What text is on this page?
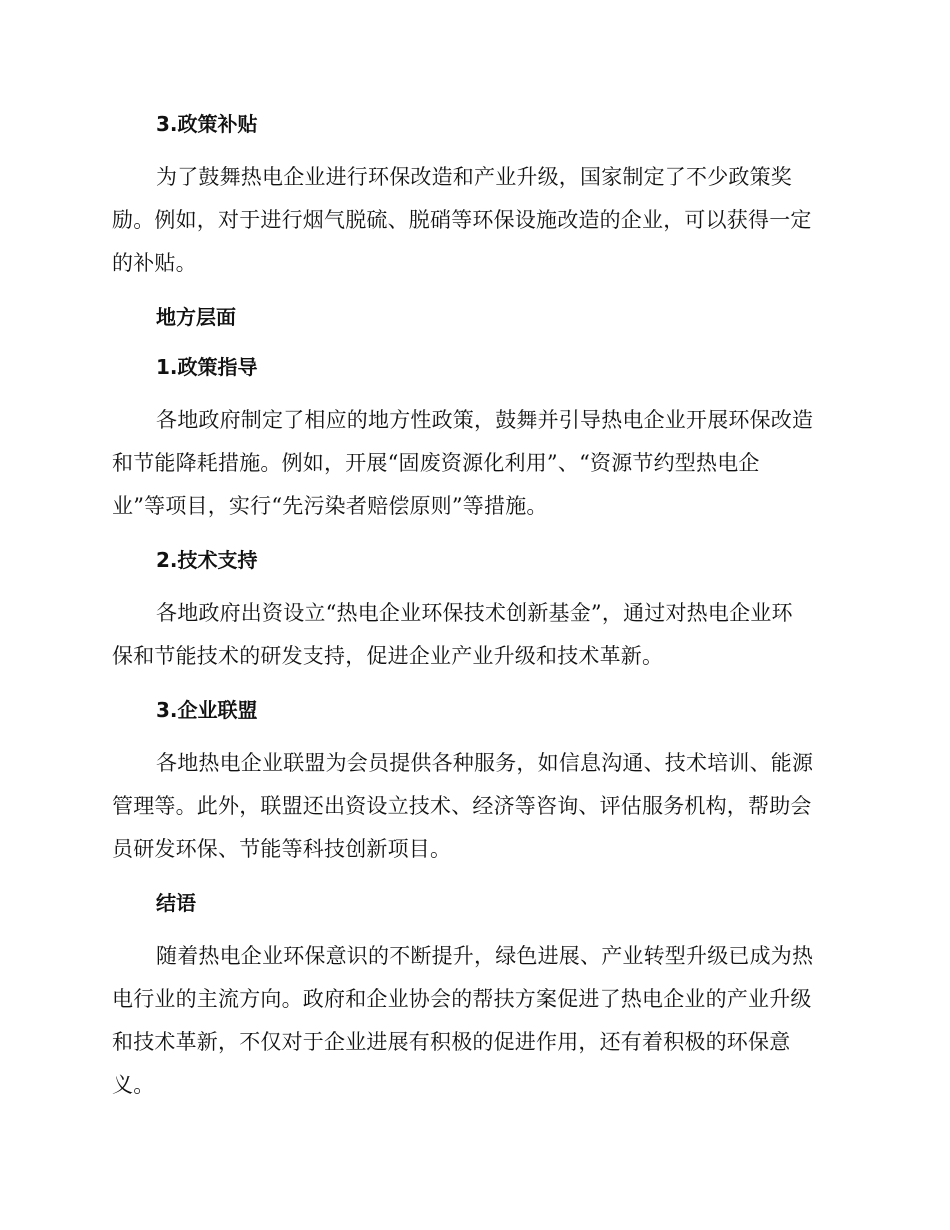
3.政策补贴

为了鼓舞热电企业进行环保改造和产业升级，国家制定了不少政策奖
励。例如，对于进行烟气脱硫、脱硝等环保设施改造的企业，可以获得一定
的补贴。

地方层面
1.政策指导

各地政府制定了相应的地方性政策，鼓舞并引导热电企业开展环保改造
和节能降耗措施。例如，开展“固废资源化利用”、“资源节约型热电企
业”等项目，实行“先污染者赔偿原则”等措施。

2.技术支持

各地政府出资设立“热电企业环保技术创新基金”，通过对热电企业环
保和节能技术的研发支持，促进企业产业升级和技术革新。

3.企业联盟

各地热电企业联盟为会员提供各种服务，如信息沟通、技术培训、能源
管理等。此外，联盟还出资设立技术、经济等咨询、评估服务机构，帮助会
员研发环保、节能等科技创新项目。

结语

随着热电企业环保意识的不断提升，绿色进展、产业转型升级已成为热
电行业的主流方向。政府和企业协会的帮扶方案促进了热电企业的产业升级
和技术革新，不仅对于企业进展有积极的促进作用，还有着积极的环保意
义。
